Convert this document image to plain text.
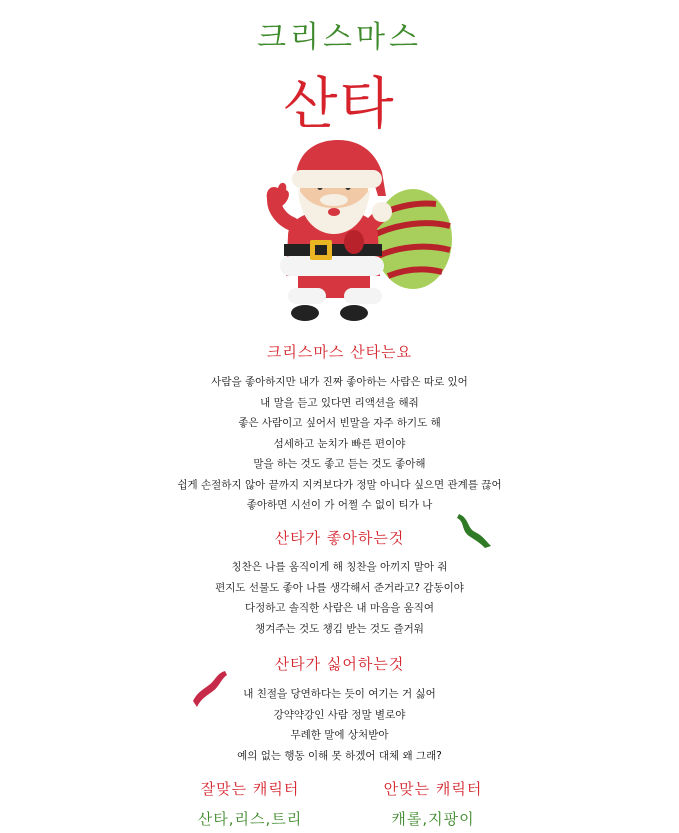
크리스마스
산타
크리스마스 산타는요
사람을 좋아하지만 내가 진짜 좋아하는 사람은 따로 있어
내 말을 듣고 있다면 리액션을 해줘
좋은 사람이고 싶어서 빈말을 자주 하기도 해
섬세하고 눈치가 빠른 편이야
말을 하는 것도 좋고 듣는 것도 좋아해
쉽게 손절하지 않아 끝까지 지켜보다가 정말 아니다 싶으면 관계를 끊어
좋아하면 시선이 가 어쩔 수 없이 티가 나
산타가 좋아하는것
칭찬은 나를 움직이게 해 칭찬을 아끼지 말아 줘
편지도 선물도 좋아 나를 생각해서 준거라고? 감동이야
다정하고 솔직한 사람은 내 마음을 움직여
챙겨주는 것도 챙김 받는 것도 즐거워
산타가 싫어하는것
내 친절을 당연하다는 듯이 여기는 거 싫어
강약약강인 사람 정말 별로야
무례한 말에 상처받아
예의 없는 행동 이해 못 하겠어 대체 왜 그래?
잘맞는 캐릭터	안맞는 캐릭터
산타,리스,트리	캐롤,지팡이
